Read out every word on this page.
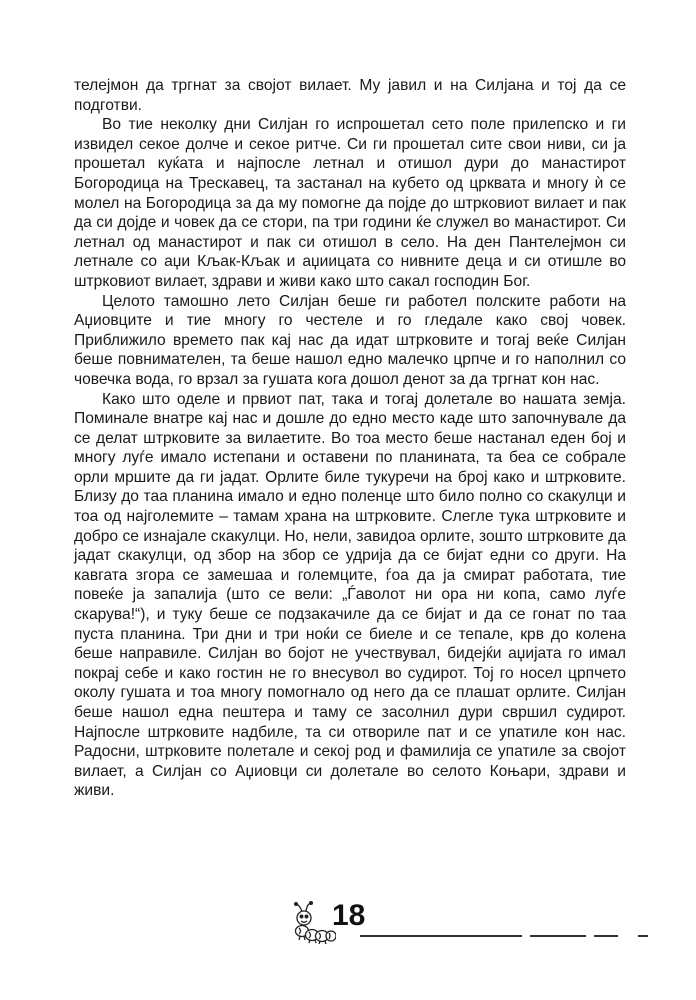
телејмон да тргнат за својот вилает. Му јавил и на Силјана и тој да се подготви.

Во тие неколку дни Силјан го испрошетал сето поле прилепско и ги извидел секое долче и секое ритче. Си ги прошетал сите свои ниви, си ја прошетал куќата и најпосле летнал и отишол дури до манастирот Богородица на Трескавец, та застанал на кубето од црквата и многу ѝ се молел на Богородица за да му помогне да појде до штрковиот вилает и пак да си дојде и човек да се стори, па три години ќе служел во манастирот. Си летнал од манастирот и пак си отишол в село. На ден Пантелејмон си летнале со аџи Кљак-Кљак и аџиицата со нивните деца и си отишле во штрковиот вилает, здрави и живи како што сакал господин Бог.

Целото тамошно лето Силјан беше ги работел полските работи на Аџиовците и тие многу го честеле и го гледале како свој човек. Приближило времето пак кај нас да идат штрковите и тогај веќе Силјан беше повнимателен, та беше нашол едно малечко црпче и го наполнил со човечка вода, го врзал за гушата кога дошол денот за да тргнат кон нас.

Како што оделе и првиот пат, така и тогај долетале во нашата земја. Поминале внатре кај нас и дошле до едно место каде што започнувале да се делат штрковите за вилаетите. Во тоа место беше настанал еден бој и многу луѓе имало истепани и оставени по планината, та беа се собрале орли мршите да ги јадат. Орлите биле тукуречи на број како и штрковите. Близу до таа планина имало и едно поленце што било полно со скакулци и тоа од најголемите – тамам храна на штрковите. Слегле тука штрковите и добро се изнајале скакулци. Но, нели, завидоа орлите, зошто штрковите да јадат скакулци, од збор на збор се удрија да се бијат едни со други. На кавгата згора се замешаа и големците, ѓоа да ја смират работата, тие повеќе ја запалија (што се вели: „Ѓаволот ни ора ни копа, само луѓе скарува!“), и туку беше се подзакачиле да се бијат и да се гонат по таа пуста планина. Три дни и три ноќи се биеле и се тепале, крв до колена беше направиле. Силјан во бојот не учествувал, бидејќи аџијата го имал покрај себе и како гостин не го внесувол во судирот. Тој го носел црпчето околу гушата и тоа многу помогнало од него да се плашат орлите. Силјан беше нашол една пештера и таму се засолнил дури свршил судирот. Најпосле штрковите надбиле, та си отвориле пат и се упатиле кон нас. Радосни, штрковите полетале и секој род и фамилија се упатиле за својот вилает, а Силјан со Аџиовци си долетале во селото Коњари, здрави и живи.

18
